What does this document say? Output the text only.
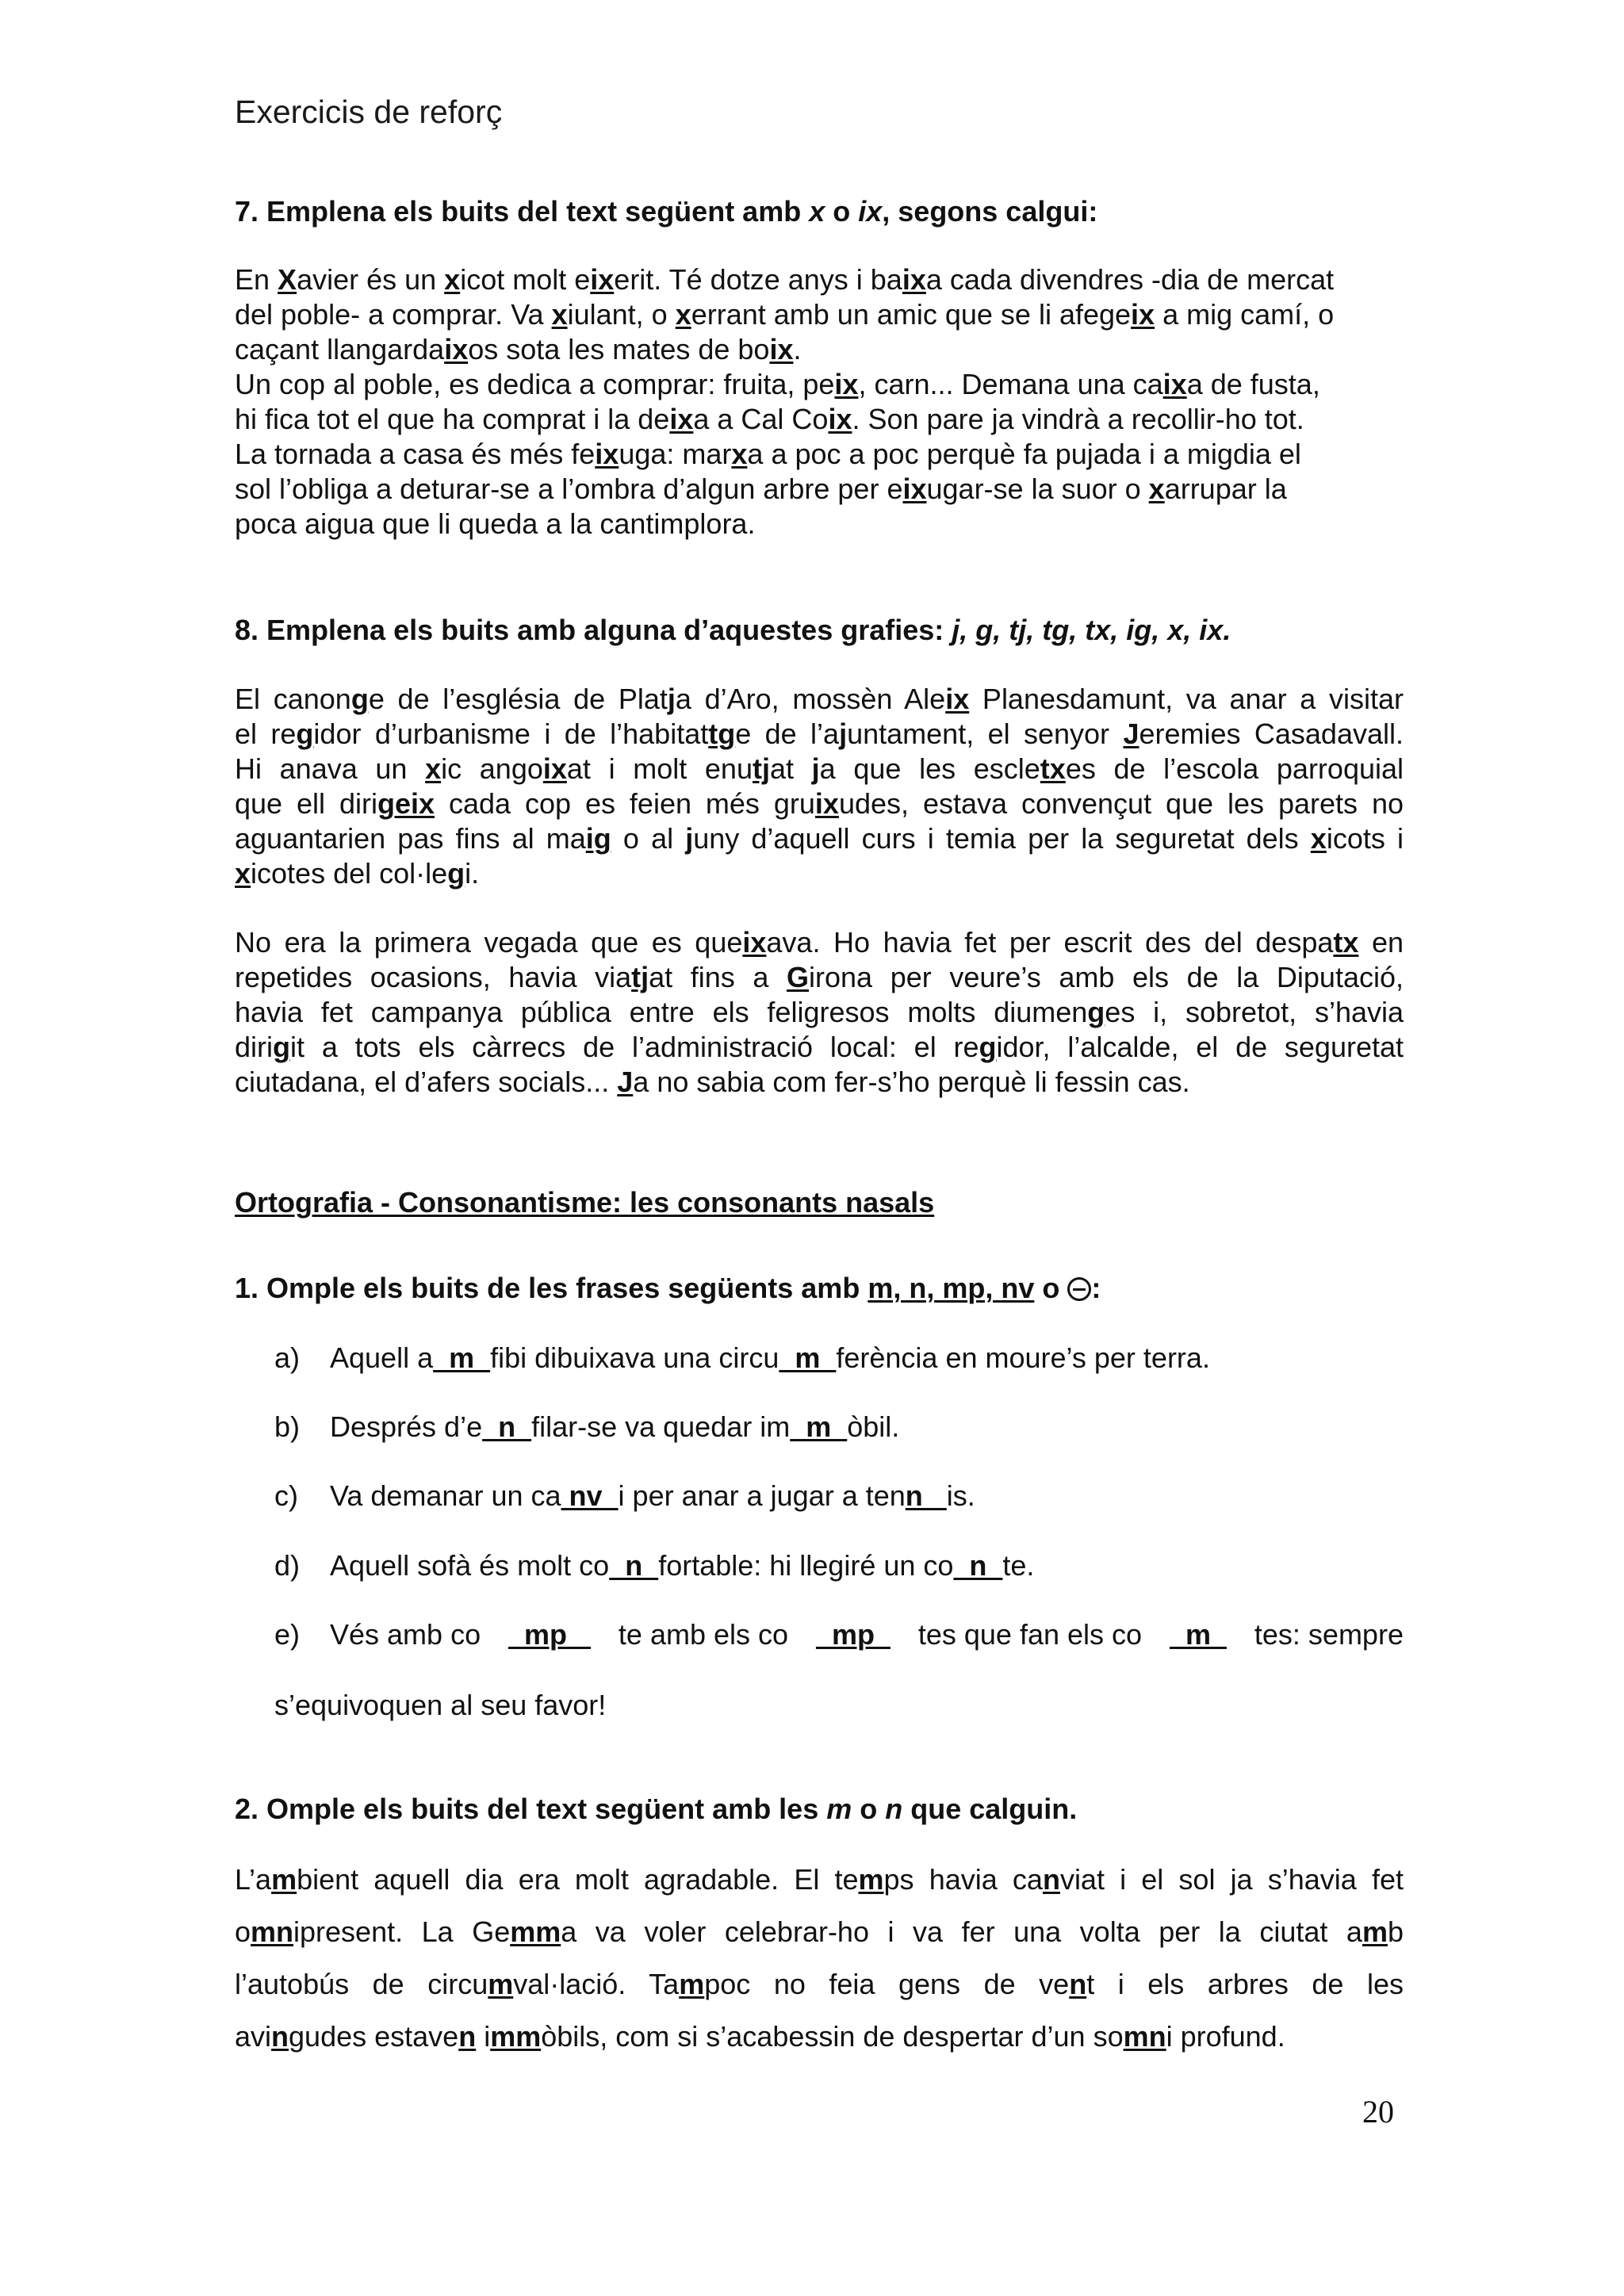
Exercicis de reforç
7. Emplena els buits del text següent amb x o ix, segons calgui:
En Xavier és un xicot molt eixerit. Té dotze anys i baixa cada divendres -dia de mercat
del poble- a comprar. Va xiulant, o xerrant amb un amic que se li afegeix a mig camí, o
caçant llangardaixos sota les mates de boix.
Un cop al poble, es dedica a comprar: fruita, peix, carn... Demana una caixa de fusta,
hi fica tot el que ha comprat i la deixa a Cal Coix. Son pare ja vindrà a recollir-ho tot.
La tornada a casa és més feixuga: marxa a poc a poc perquè fa pujada i a migdia el
sol l’obliga a deturar-se a l’ombra d’algun arbre per eixugar-se la suor o xarrupar la
poca aigua que li queda a la cantimplora.
8. Emplena els buits amb alguna d’aquestes grafies: j, g, tj, tg, tx, ig, x, ix.
El canonge de l’església de Platja d’Aro, mossèn Aleix Planesdamunt, va anar a visitar
el regidor d’urbanisme i de l’habitattge de l’ajuntament, el senyor Jeremies Casadavall.
Hi anava un xic angoixat i molt enutjat ja que les escletxes de l’escola parroquial
que ell dirigeix cada cop es feien més gruixudes, estava convençut que les parets no
aguantarien pas fins al maig o al juny d’aquell curs i temia per la seguretat dels xicots i
xicotes del col·legi.
No era la primera vegada que es queixava. Ho havia fet per escrit des del despatx en
repetides ocasions, havia viatjat fins a Girona per veure’s amb els de la Diputació,
havia fet campanya pública entre els feligresos molts diumenges i, sobretot, s’havia
dirigit a tots els càrrecs de l’administració local: el regidor, l’alcalde, el de seguretat
ciutadana, el d’afers socials... Ja no sabia com fer-s’ho perquè li fessin cas.
Ortografia - Consonantisme: les consonants nasals
1. Omple els buits de les frases següents amb m, n, mp, nv o :
a) Aquell a  m  fibi dibuixava una circu  m  ferència en moure’s per terra.
b) Després d’e  n  filar-se va quedar im  m  òbil.
c) Va demanar un ca nv  i per anar a jugar a tenn   is.
d) Aquell sofà és molt co  n  fortable: hi llegiré un co  n  te.
e)	Vés amb co mp te amb els co mp tes que fan els co m tes: sempre
s’equivoquen al seu favor!
2. Omple els buits del text següent amb les m o n que calguin.
L’ambient aquell dia era molt agradable. El temps havia canviat i el sol ja s’havia fet
omnipresent. La Gemma va voler celebrar-ho i va fer una volta per la ciutat amb
l’autobús de circumval·lació. Tampoc no feia gens de vent i els arbres de les
avingudes estaven immòbils, com si s’acabessin de despertar d’un somni profund.
20
